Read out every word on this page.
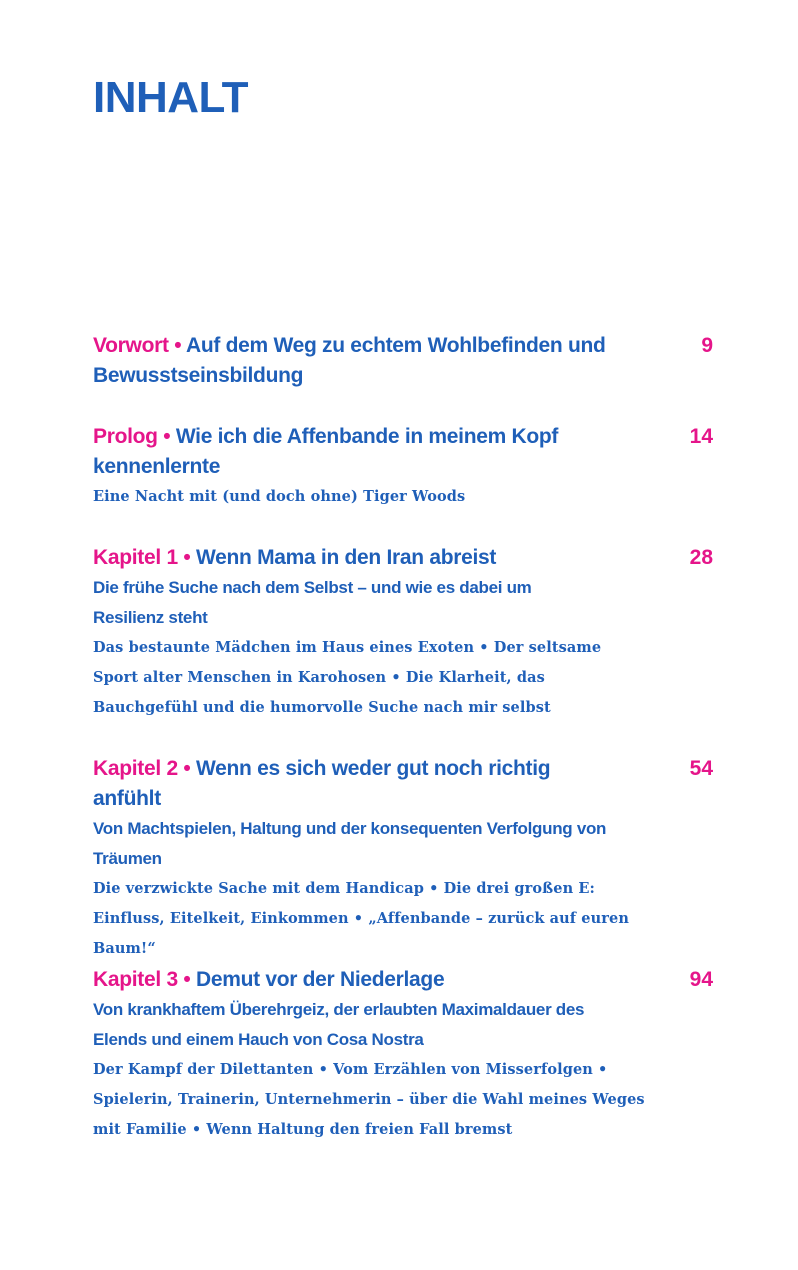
INHALT
Vorwort • Auf dem Weg zu echtem Wohlbefinden und Bewusstseinsbildung
9
Prolog • Wie ich die Affenbande in meinem Kopf kennenlernte
14
Eine Nacht mit (und doch ohne) Tiger Woods
Kapitel 1 • Wenn Mama in den Iran abreist	28
Die frühe Suche nach dem Selbst – und wie es dabei um Resilienz steht
Das bestaunte Mädchen im Haus eines Exoten • Der seltsame Sport alter Menschen in Karohosen • Die Klarheit, das Bauchgefühl und die humorvolle Suche nach mir selbst
Kapitel 2 • Wenn es sich weder gut noch richtig anfühlt
54
Von Machtspielen, Haltung und der konsequenten Verfolgung von Träumen
Die verzwickte Sache mit dem Handicap • Die drei großen E: Einfluss, Eitelkeit, Einkommen • „Affenbande – zurück auf euren Baum!“
Kapitel 3 • Demut vor der Niederlage	94
Von krankhaftem Überehrgeiz, der erlaubten Maximaldauer des Elends und einem Hauch von Cosa Nostra
Der Kampf der Dilettanten • Vom Erzählen von Misserfolgen • Spielerin, Trainerin, Unternehmerin – über die Wahl meines Weges mit Familie • Wenn Haltung den freien Fall bremst
